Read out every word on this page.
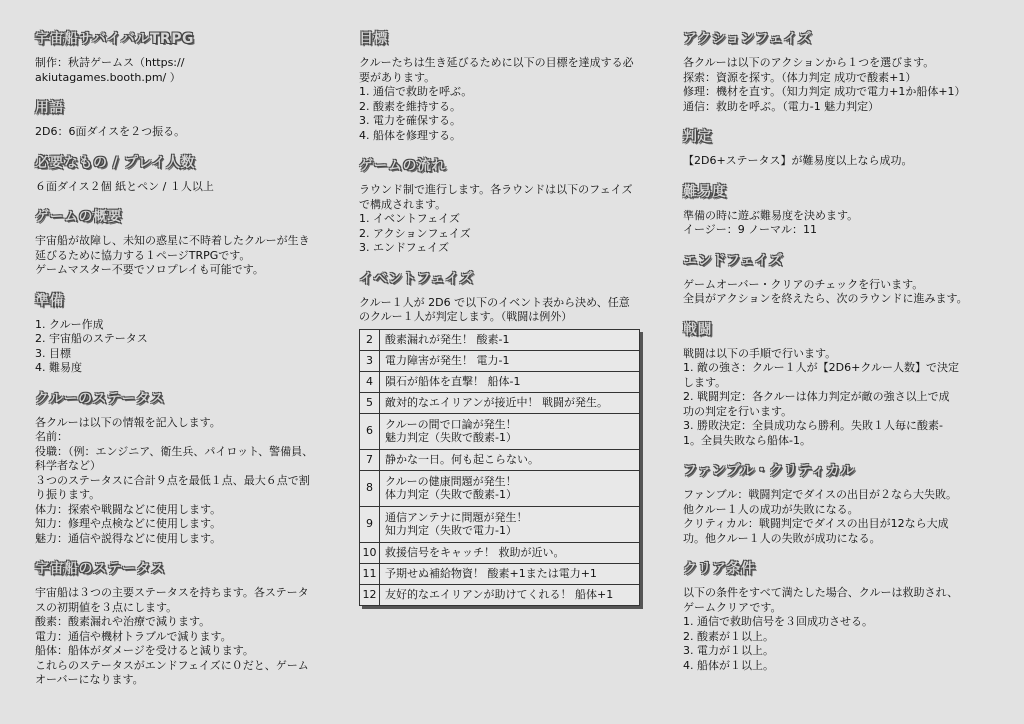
宇宙船サバイバルTRPG
制作：秋詩ゲームス（https://
akiutagames.booth.pm/ ）
用語
2D6：6面ダイスを２つ振る。
必要なもの / プレイ人数
６面ダイス２個 紙とペン / １人以上
ゲームの概要
宇宙船が故障し、未知の惑星に不時着したクルーが生き
延びるために協力する１ページTRPGです。
ゲームマスター不要でソロプレイも可能です。
準備
1. クルー作成
2. 宇宙船のステータス
3. 目標
4. 難易度
クルーのステータス
各クルーは以下の情報を記入します。
名前：
役職：（例：エンジニア、衛生兵、パイロット、警備員、
科学者など）
３つのステータスに合計９点を最低１点、最大６点で割
り振ります。
体力：探索や戦闘などに使用します。
知力：修理や点検などに使用します。
魅力：通信や説得などに使用します。
宇宙船のステータス
宇宙船は３つの主要ステータスを持ちます。各ステータ
スの初期値を３点にします。
酸素：酸素漏れや治療で減ります。
電力：通信や機材トラブルで減ります。
船体：船体がダメージを受けると減ります。
これらのステータスがエンドフェイズに０だと、ゲーム
オーバーになります。
目標
クルーたちは生き延びるために以下の目標を達成する必
要があります。
1. 通信で救助を呼ぶ。
2. 酸素を維持する。
3. 電力を確保する。
4. 船体を修理する。
ゲームの流れ
ラウンド制で進行します。各ラウンドは以下のフェイズ
で構成されます。
1. イベントフェイズ
2. アクションフェイズ
3. エンドフェイズ
イベントフェイズ
クルー１人が 2D6 で以下のイベント表から決め、任意
のクルー１人が判定します。（戦闘は例外）
2	酸素漏れが発生！ 酸素-1
3	電力障害が発生！ 電力-1
4	隕石が船体を直撃！ 船体-1
5	敵対的なエイリアンが接近中！ 戦闘が発生。
6	クルーの間で口論が発生！
魅力判定（失敗で酸素-1）
7	静かな一日。何も起こらない。
8	クルーの健康問題が発生！
体力判定（失敗で酸素-1）
9	通信アンテナに問題が発生！
知力判定（失敗で電力-1）
10	救援信号をキャッチ！ 救助が近い。
11	予期せぬ補給物資！ 酸素+1または電力+1
12	友好的なエイリアンが助けてくれる！ 船体+1
アクションフェイズ
各クルーは以下のアクションから１つを選びます。
探索：資源を探す。（体力判定 成功で酸素+1）
修理：機材を直す。（知力判定 成功で電力+1か船体+1）
通信：救助を呼ぶ。（電力-1 魅力判定）
判定
【2D6+ステータス】が難易度以上なら成功。
難易度
準備の時に遊ぶ難易度を決めます。
イージー：9 ノーマル：11
エンドフェイズ
ゲームオーバー・クリアのチェックを行います。
全員がアクションを終えたら、次のラウンドに進みます。
戦闘
戦闘は以下の手順で行います。
1. 敵の強さ：クルー１人が【2D6+クルー人数】で決定
します。
2. 戦闘判定：各クルーは体力判定が敵の強さ以上で成
功の判定を行います。
3. 勝敗決定：全員成功なら勝利。失敗１人毎に酸素-
1。全員失敗なら船体-1。
ファンブル・クリティカル
ファンブル：戦闘判定でダイスの出目が２なら大失敗。
他クルー１人の成功が失敗になる。
クリティカル：戦闘判定でダイスの出目が12なら大成
功。他クルー１人の失敗が成功になる。
クリア条件
以下の条件をすべて満たした場合、クルーは救助され、
ゲームクリアです。
1. 通信で救助信号を３回成功させる。
2. 酸素が１以上。
3. 電力が１以上。
4. 船体が１以上。
